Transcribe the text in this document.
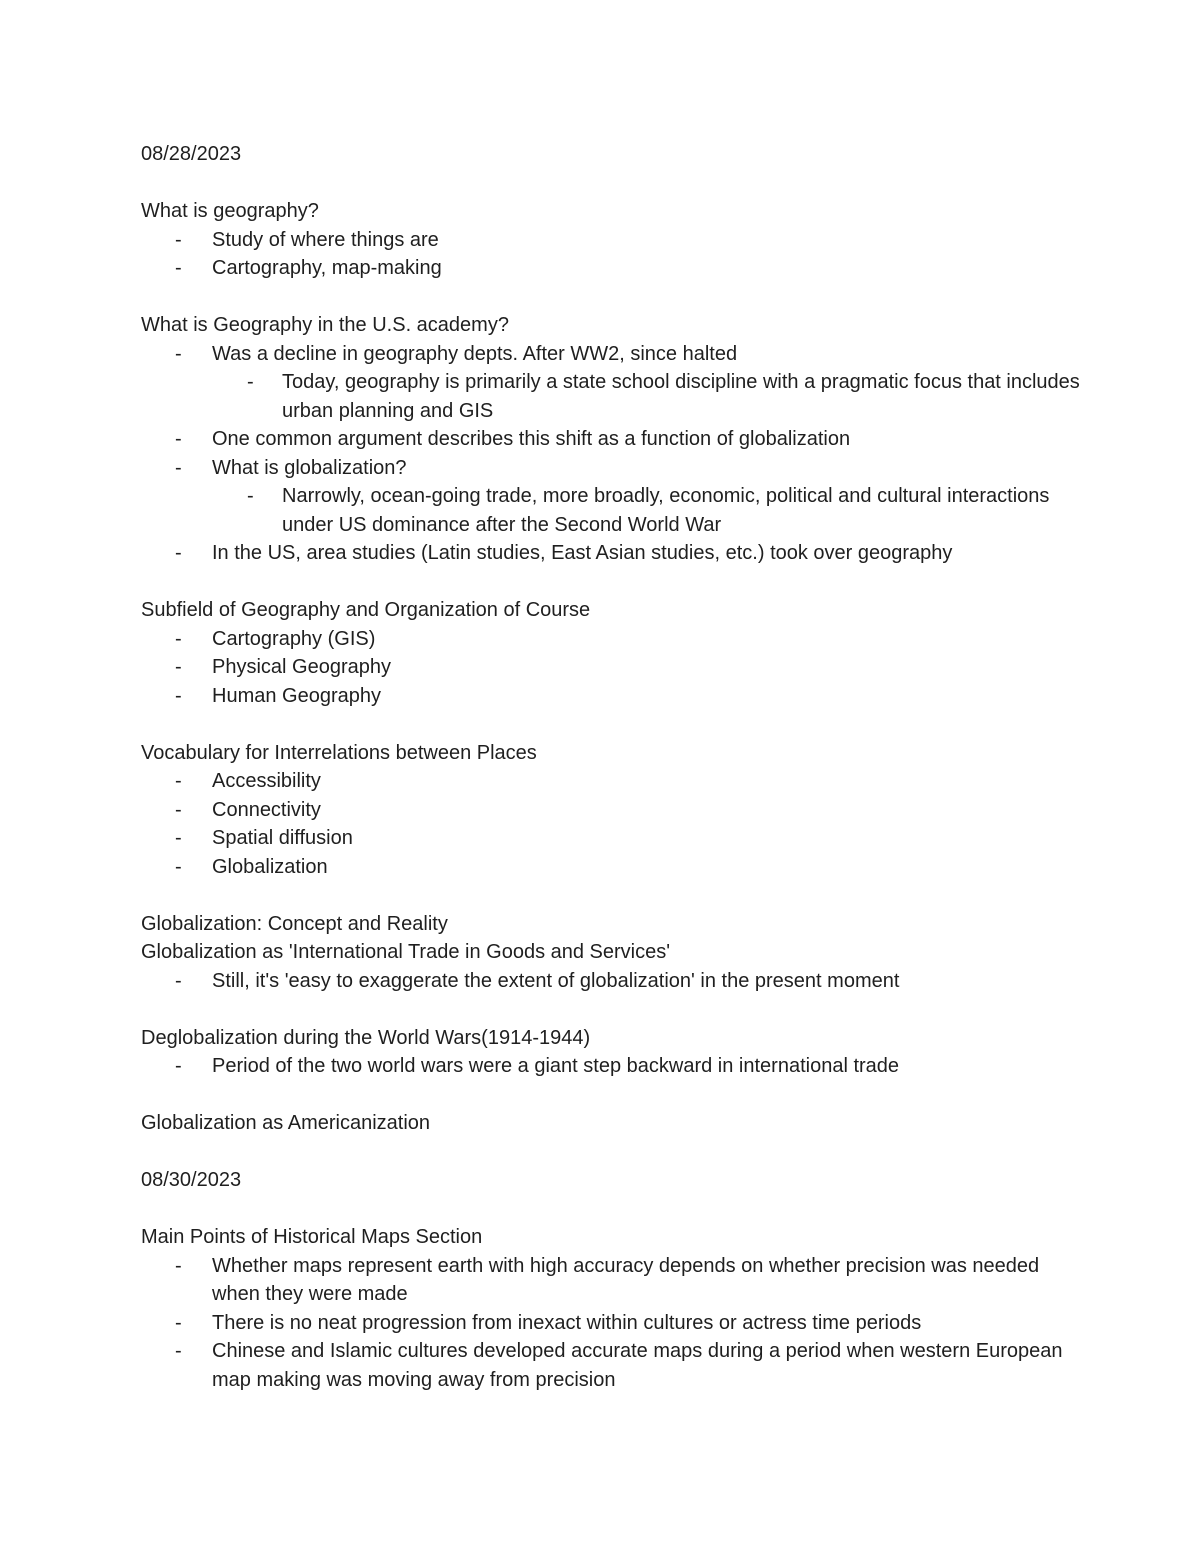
08/28/2023
What is geography?
- Study of where things are
- Cartography, map-making
What is Geography in the U.S. academy?
- Was a decline in geography depts. After WW2, since halted
- Today, geography is primarily a state school discipline with a pragmatic focus that includes urban planning and GIS
- One common argument describes this shift as a function of globalization
- What is globalization?
- Narrowly, ocean-going trade, more broadly, economic, political and cultural interactions under US dominance after the Second World War
- In the US, area studies (Latin studies, East Asian studies, etc.) took over geography
Subfield of Geography and Organization of Course
- Cartography (GIS)
- Physical Geography
- Human Geography
Vocabulary for Interrelations between Places
- Accessibility
- Connectivity
- Spatial diffusion
- Globalization
Globalization: Concept and Reality
Globalization as 'International Trade in Goods and Services'
- Still, it's 'easy to exaggerate the extent of globalization' in the present moment
Deglobalization during the World Wars(1914-1944)
- Period of the two world wars were a giant step backward in international trade
Globalization as Americanization
08/30/2023
Main Points of Historical Maps Section
- Whether maps represent earth with high accuracy depends on whether precision was needed when they were made
- There is no neat progression from inexact within cultures or actress time periods
- Chinese and Islamic cultures developed accurate maps during a period when western European map making was moving away from precision
